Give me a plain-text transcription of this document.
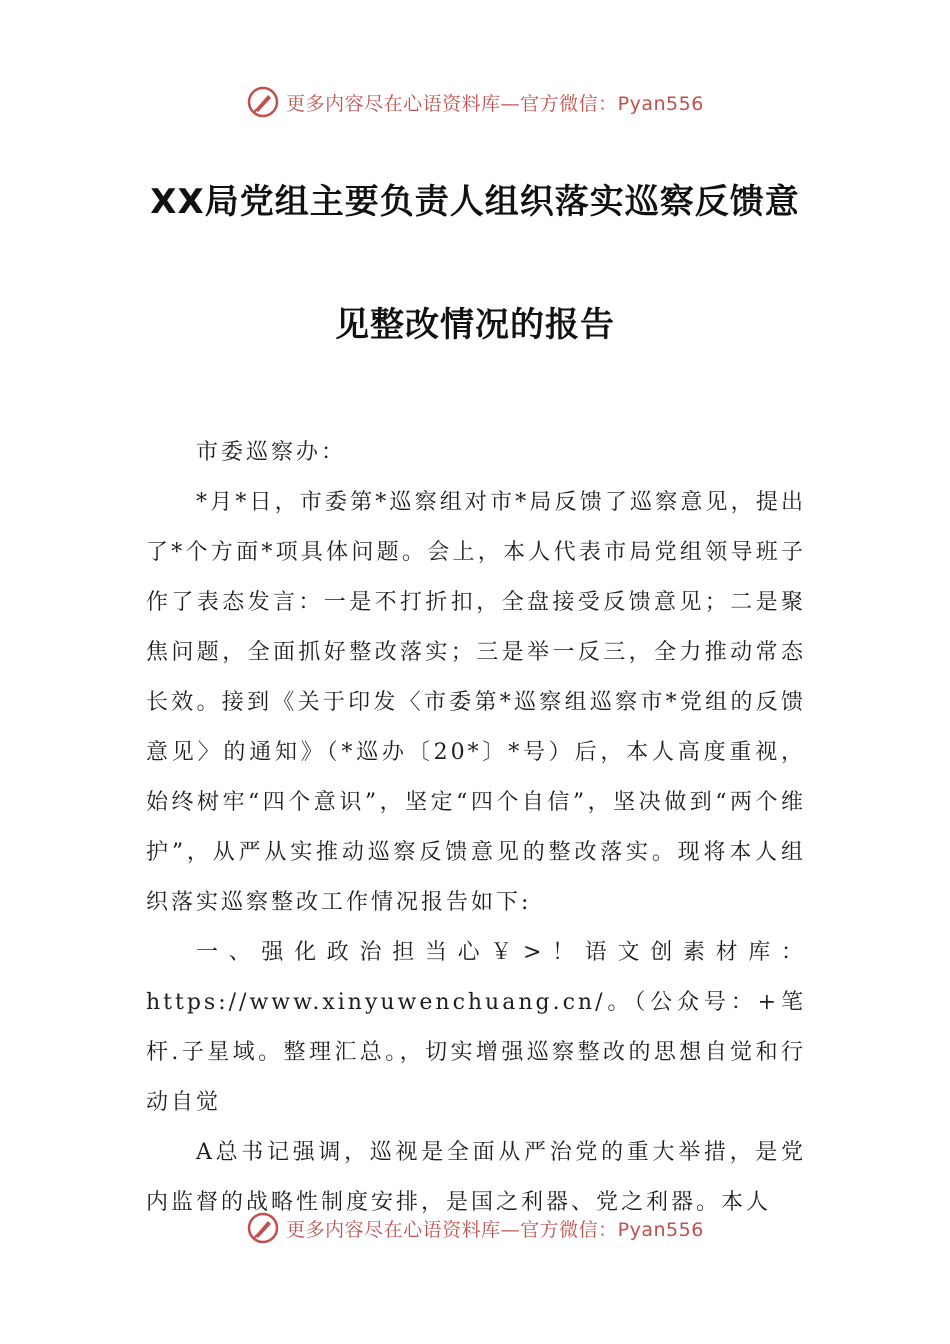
更多内容尽在心语资料库—官方微信：Pyan556
XX局党组主要负责人组织落实巡察反馈意
见整改情况的报告

市委巡察办：

*月*日，市委第*巡察组对市*局反馈了巡察意见，提出了*个方面*项具体问题。会上，本人代表市局党组领导班子作了表态发言：一是不打折扣，全盘接受反馈意见；二是聚焦问题，全面抓好整改落实；三是举一反三，全力推动常态长效。接到《关于印发〈市委第*巡察组巡察市*党组的反馈意见〉的通知》（*巡办〔20*〕*号）后，本人高度重视，始终树牢“四个意识”，坚定“四个自信”，坚决做到“两个维护”，从严从实推动巡察反馈意见的整改落实。现将本人组织落实巡察整改工作情况报告如下:

一、强化政治担当心￥>！语文创素材库：https://www.xinyuwenchuang.cn/。（公众号：+笔杆.子星域。整理汇总。，切实增强巡察整改的思想自觉和行动自觉

A总书记强调，巡视是全面从严治党的重大举措，是党内监督的战略性制度安排，是国之利器、党之利器。本人

更多内容尽在心语资料库—官方微信：Pyan556
